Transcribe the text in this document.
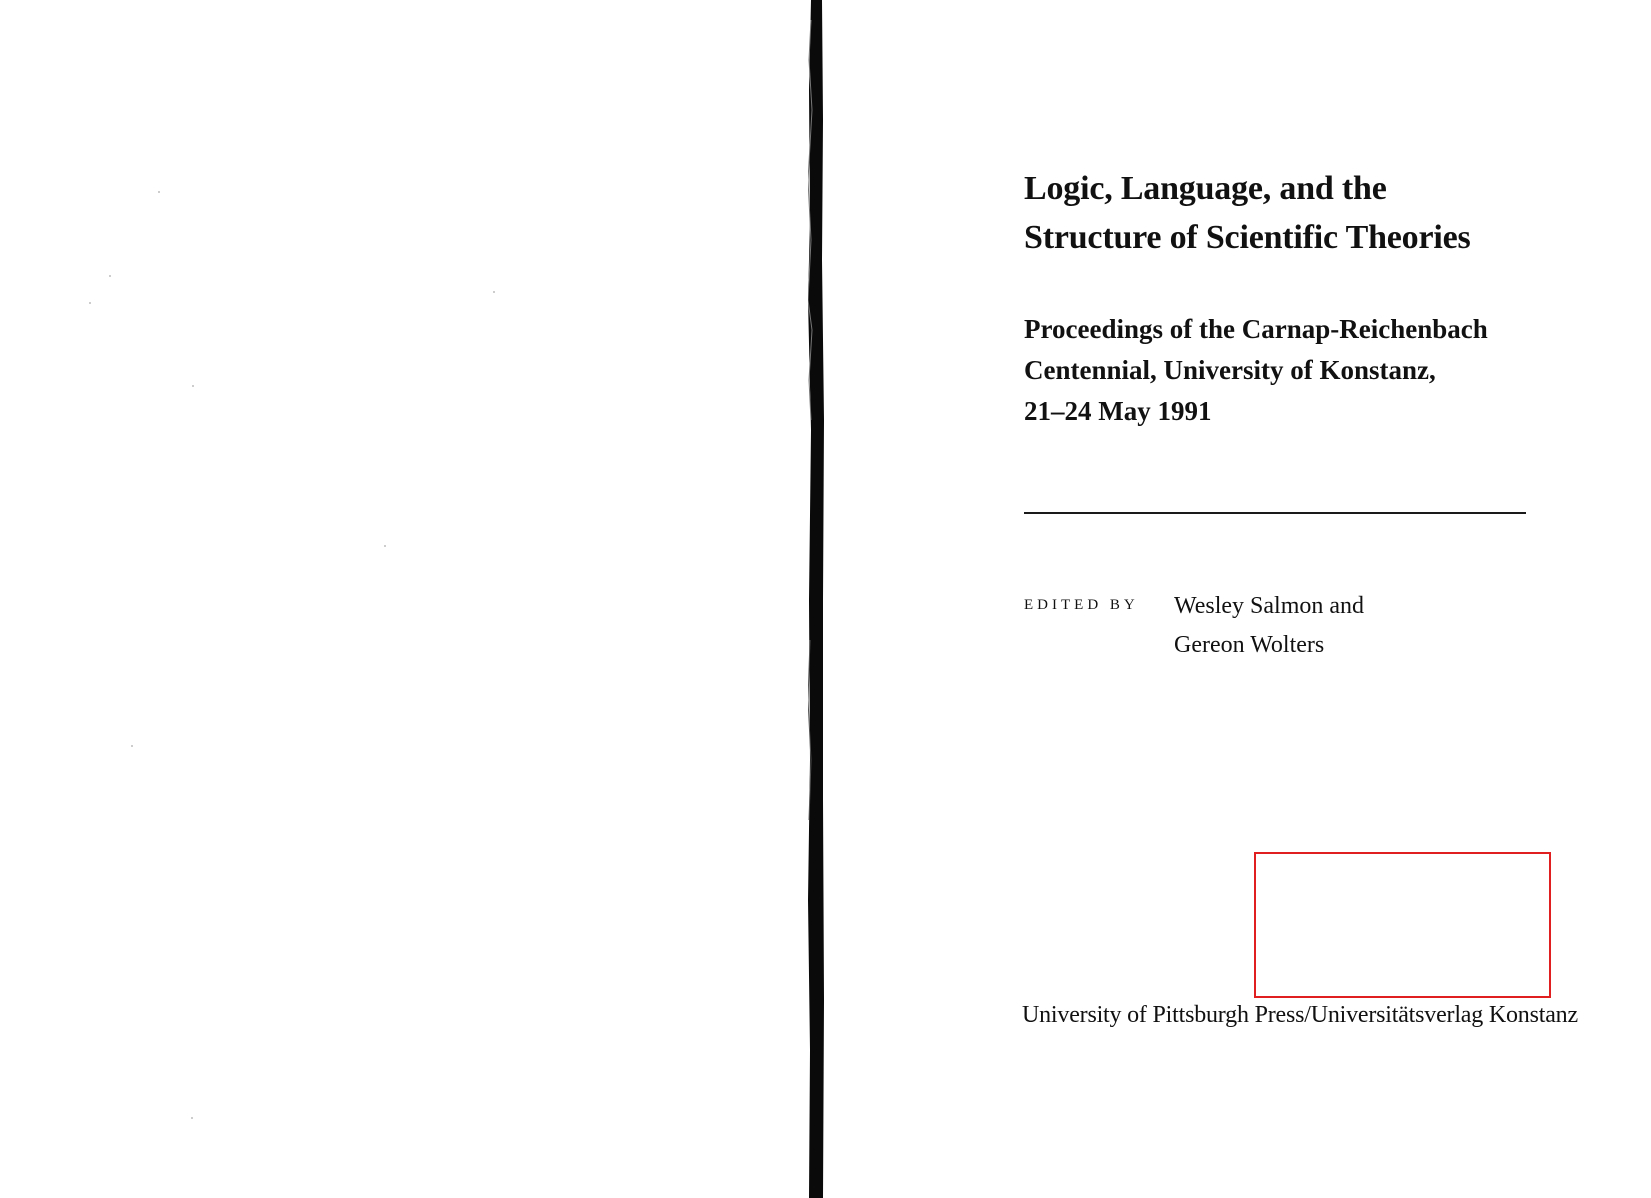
Logic, Language, and the
Structure of Scientific Theories
Proceedings of the Carnap-Reichenbach
Centennial, University of Konstanz,
21–24 May 1991
EDITED BY Wesley Salmon and
Gereon Wolters
University of Pittsburgh Press/Universitätsverlag Konstanz
